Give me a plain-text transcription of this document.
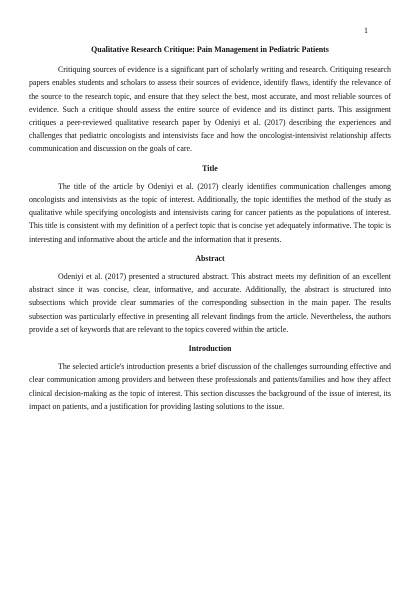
1
Qualitative Research Critique: Pain Management in Pediatric Patients

Critiquing sources of evidence is a significant part of scholarly writing and research. Critiquing research papers enables students and scholars to assess their sources of evidence, identify flaws, identify the relevance of the source to the research topic, and ensure that they select the best, most accurate, and most reliable sources of evidence. Such a critique should assess the entire source of evidence and its distinct parts. This assignment critiques a peer-reviewed qualitative research paper by Odeniyi et al. (2017) describing the experiences and challenges that pediatric oncologists and intensivists face and how the oncologist-intensivist relationship affects communication and discussion on the goals of care.

Title

The title of the article by Odeniyi et al. (2017) clearly identifies communication challenges among oncologists and intensivists as the topic of interest. Additionally, the topic identifies the method of the study as qualitative while specifying oncologists and intensivists caring for cancer patients as the populations of interest. This title is consistent with my definition of a perfect topic that is concise yet adequately informative. The topic is interesting and informative about the article and the information that it presents.

Abstract

Odeniyi et al. (2017) presented a structured abstract. This abstract meets my definition of an excellent abstract since it was concise, clear, informative, and accurate. Additionally, the abstract is structured into subsections which provide clear summaries of the corresponding subsection in the main paper. The results subsection was particularly effective in presenting all relevant findings from the article. Nevertheless, the authors provide a set of keywords that are relevant to the topics covered within the article.

Introduction

The selected article's introduction presents a brief discussion of the challenges surrounding effective and clear communication among providers and between these professionals and patients/families and how they affect clinical decision-making as the topic of interest. This section discusses the background of the issue of interest, its impact on patients, and a justification for providing lasting solutions to the issue.
